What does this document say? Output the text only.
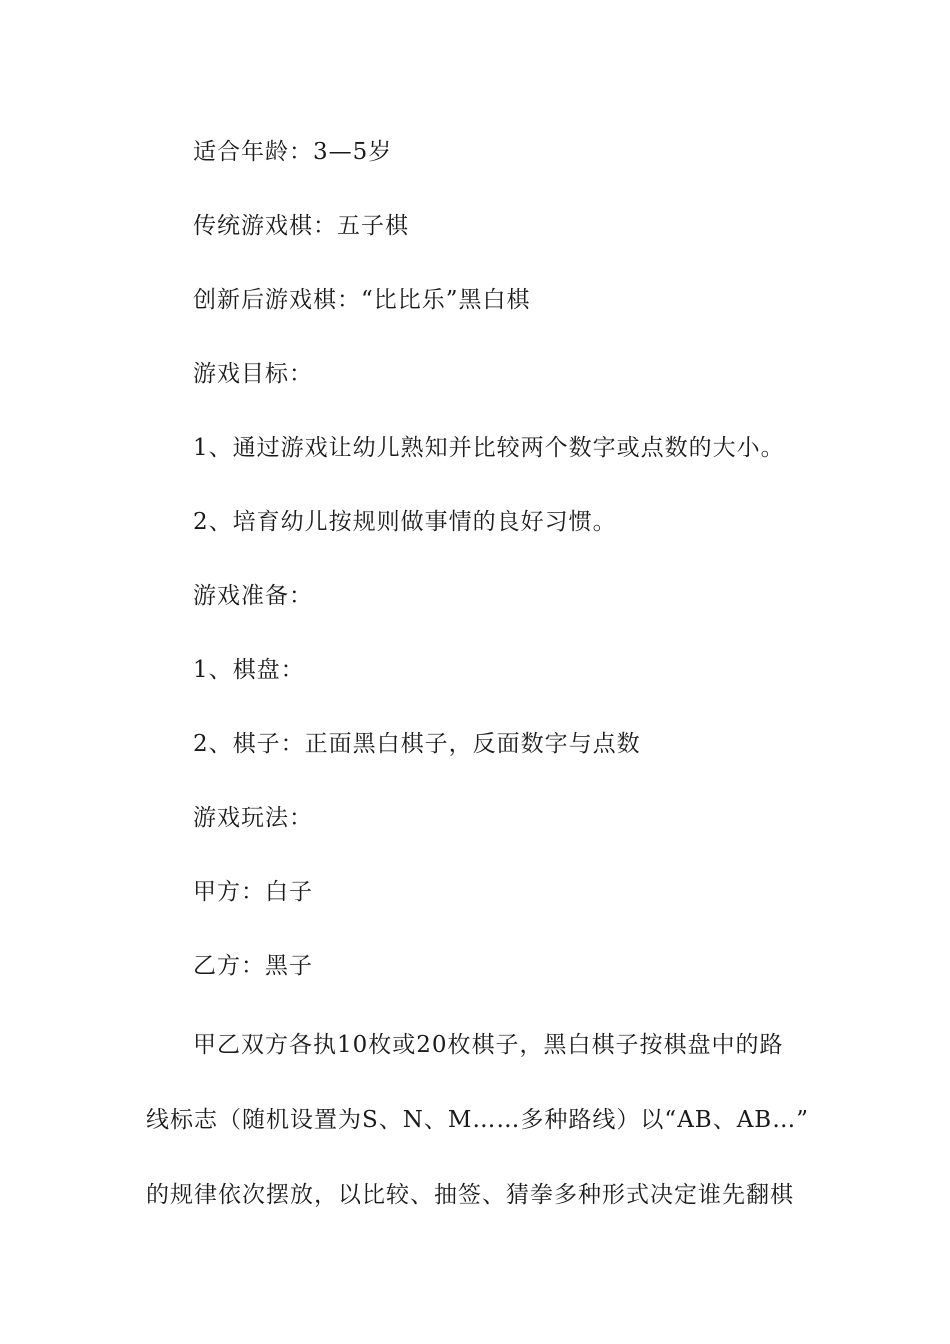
适合年龄：3—5岁
传统游戏棋：五子棋
创新后游戏棋：“比比乐”黑白棋
游戏目标：
1、通过游戏让幼儿熟知并比较两个数字或点数的大小。
2、培育幼儿按规则做事情的良好习惯。
游戏准备：
1、棋盘：
2、棋子：正面黑白棋子，反面数字与点数
游戏玩法：
甲方：白子
乙方：黑子
甲乙双方各执10枚或20枚棋子，黑白棋子按棋盘中的路
线标志（随机设置为S、N、M……多种路线）以“AB、AB…”
的规律依次摆放，以比较、抽签、猜拳多种形式决定谁先翻棋
